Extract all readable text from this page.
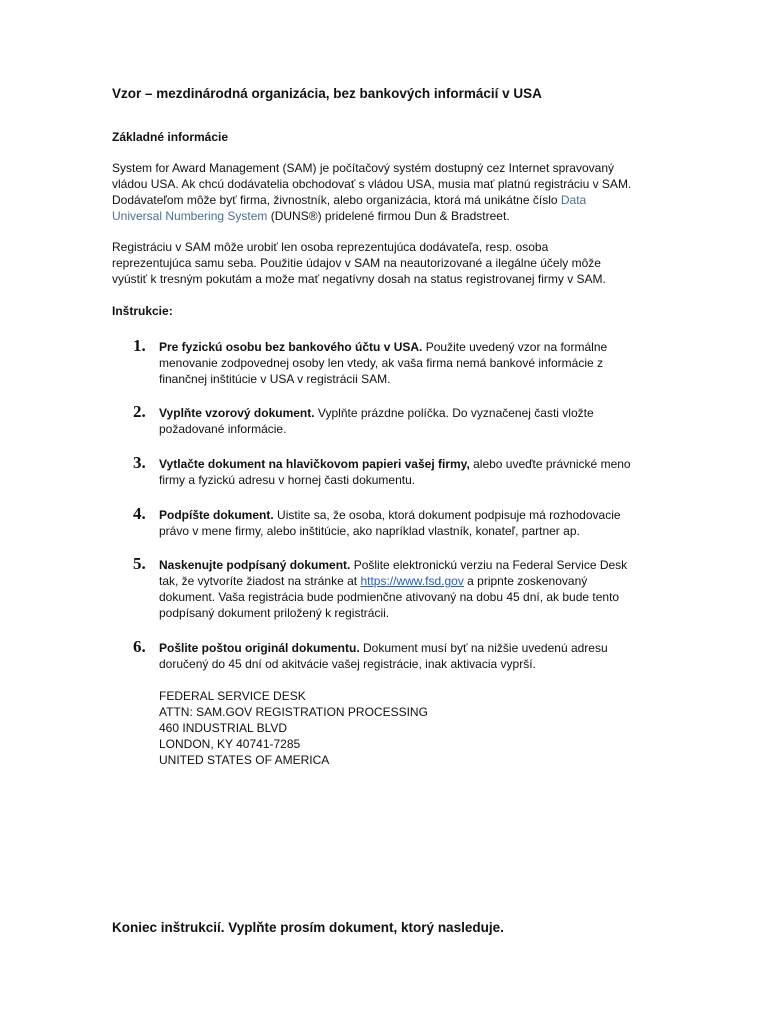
Vzor – mezdinárodná organizácia, bez bankových informácií v USA
Základné informácie
System for Award Management (SAM) je počítačový systém dostupný cez Internet spravovaný
vládou USA. Ak chcú dodávatelia obchodovať s vládou USA, musia mať platnú registráciu v SAM.
Dodávateľom môže byť firma, živnostník, alebo organizácia, ktorá má unikátne číslo Data
Universal Numbering System (DUNS®) pridelené firmou Dun & Bradstreet.
Registráciu v SAM môže urobiť len osoba reprezentujúca dodávateľa, resp. osoba
reprezentujúca samu seba. Použitie údajov v SAM na neautorizované a ilegálne účely môže
vyústiť k tresným pokutám a može mať negatívny dosah na status registrovanej firmy v SAM.
Inštrukcie:
1. Pre fyzickú osobu bez bankového účtu v USA. Použite uvedený vzor na formálne
menovanie zodpovednej osoby len vtedy, ak vaša firma nemá bankové informácie z
finančnej inštitúcie v USA v registrácii SAM.
2. Vyplňte vzorový dokument. Vyplňte prázdne políčka. Do vyznačenej časti vložte
požadované informácie.
3. Vytlačte dokument na hlavičkovom papieri vašej firmy, alebo uveďte právnické meno
firmy a fyzickú adresu v hornej časti dokumentu.
4. Podpíšte dokument. Uistite sa, že osoba, ktorá dokument podpisuje má rozhodovacie
právo v mene firmy, alebo inštitúcie, ako napríklad vlastník, konateľ, partner ap.
5. Naskenujte podpísaný dokument. Pošlite elektronickú verziu na Federal Service Desk
tak, že vytvoríte žiadost na stránke at https://www.fsd.gov a pripnte zoskenovaný
dokument. Vaša registrácia bude podmienčne ativovaný na dobu 45 dní, ak bude tento
podpísaný dokument priložený k registrácii.
6. Pošlite poštou originál dokumentu. Dokument musí byť na nižšie uvedenú adresu
doručený do 45 dní od akitvácie vašej registrácie, inak aktivacia vyprší.
FEDERAL SERVICE DESK
ATTN: SAM.GOV REGISTRATION PROCESSING
460 INDUSTRIAL BLVD
LONDON, KY 40741-7285
UNITED STATES OF AMERICA
Koniec inštrukcií. Vyplňte prosím dokument, ktorý nasleduje.
